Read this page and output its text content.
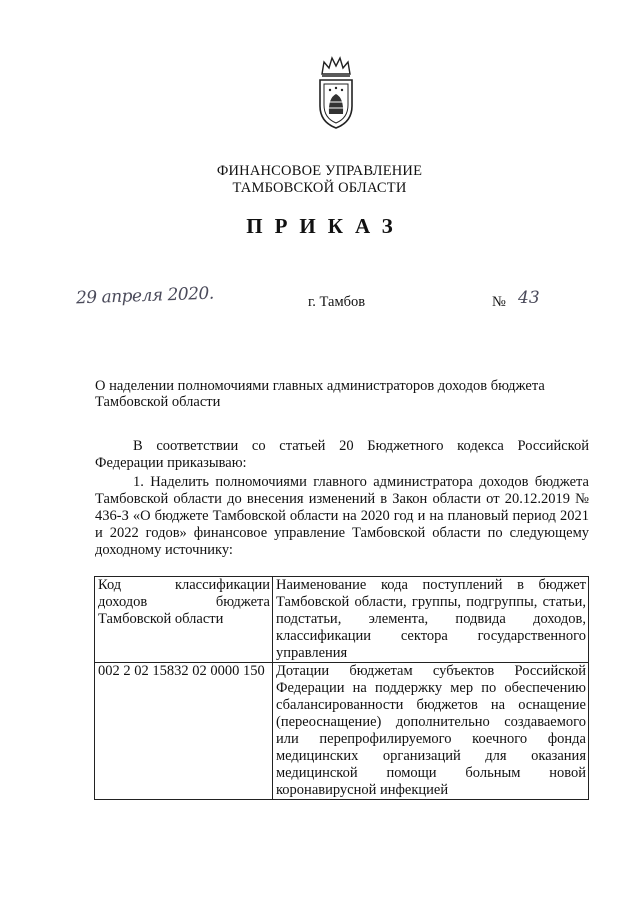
ФИНАНСОВОЕ УПРАВЛЕНИЕ
ТАМБОВСКОЙ ОБЛАСТИ
ПРИКАЗ
29 апреля 2020.	г. Тамбов	№ 43
О наделении полномочиями главных администраторов доходов бюджета Тамбовской области
В соответствии со статьей 20 Бюджетного кодекса Российской Федерации приказываю:
1. Наделить полномочиями главного администратора доходов бюджета Тамбовской области до внесения изменений в Закон области от 20.12.2019 № 436-З «О бюджете Тамбовской области на 2020 год и на плановый период 2021 и 2022 годов» финансовое управление Тамбовской области по следующему доходному источнику:
Код классификации доходов бюджета Тамбовской области	Наименование кода поступлений в бюджет Тамбовской области, группы, подгруппы, статьи, подстатьи, элемента, подвида доходов, классификации сектора государственного управления
002 2 02 15832 02 0000 150	Дотации бюджетам субъектов Российской Федерации на поддержку мер по обеспечению сбалансированности бюджетов на оснащение (переоснащение) дополнительно создаваемого или перепрофилируемого коечного фонда медицинских организаций для оказания медицинской помощи больным новой коронавирусной инфекцией
